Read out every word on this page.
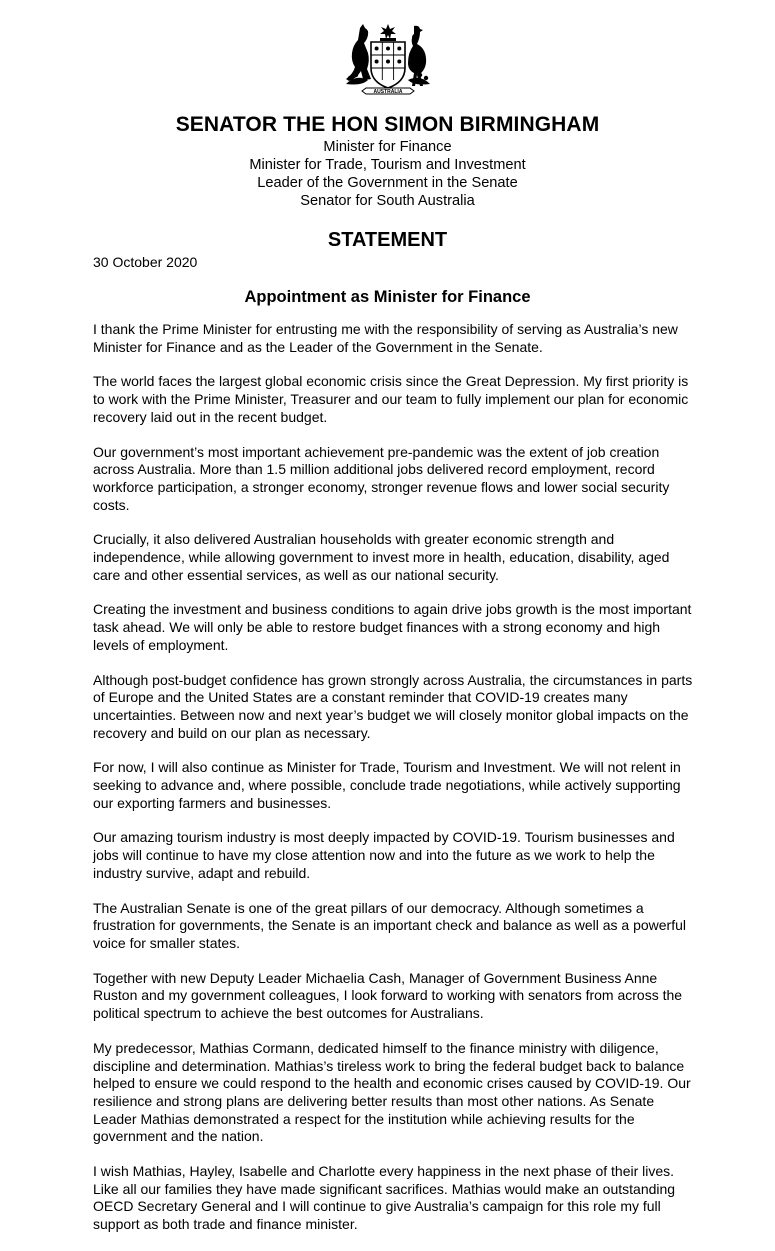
AUSTRALIA
SENATOR THE HON SIMON BIRMINGHAM
Minister for Finance
Minister for Trade, Tourism and Investment
Leader of the Government in the Senate
Senator for South Australia
STATEMENT
30 October 2020
Appointment as Minister for Finance

I thank the Prime Minister for entrusting me with the responsibility of serving as Australia’s new Minister for Finance and as the Leader of the Government in the Senate.

The world faces the largest global economic crisis since the Great Depression. My first priority is to work with the Prime Minister, Treasurer and our team to fully implement our plan for economic recovery laid out in the recent budget.

Our government’s most important achievement pre-pandemic was the extent of job creation across Australia. More than 1.5 million additional jobs delivered record employment, record workforce participation, a stronger economy, stronger revenue flows and lower social security costs.

Crucially, it also delivered Australian households with greater economic strength and independence, while allowing government to invest more in health, education, disability, aged care and other essential services, as well as our national security.

Creating the investment and business conditions to again drive jobs growth is the most important task ahead. We will only be able to restore budget finances with a strong economy and high levels of employment.

Although post-budget confidence has grown strongly across Australia, the circumstances in parts of Europe and the United States are a constant reminder that COVID-19 creates many uncertainties. Between now and next year’s budget we will closely monitor global impacts on the recovery and build on our plan as necessary.

For now, I will also continue as Minister for Trade, Tourism and Investment. We will not relent in seeking to advance and, where possible, conclude trade negotiations, while actively supporting our exporting farmers and businesses.

Our amazing tourism industry is most deeply impacted by COVID-19. Tourism businesses and jobs will continue to have my close attention now and into the future as we work to help the industry survive, adapt and rebuild.

The Australian Senate is one of the great pillars of our democracy. Although sometimes a frustration for governments, the Senate is an important check and balance as well as a powerful voice for smaller states.

Together with new Deputy Leader Michaelia Cash, Manager of Government Business Anne Ruston and my government colleagues, I look forward to working with senators from across the political spectrum to achieve the best outcomes for Australians.

My predecessor, Mathias Cormann, dedicated himself to the finance ministry with diligence, discipline and determination. Mathias’s tireless work to bring the federal budget back to balance helped to ensure we could respond to the health and economic crises caused by COVID-19. Our resilience and strong plans are delivering better results than most other nations. As Senate Leader Mathias demonstrated a respect for the institution while achieving results for the government and the nation.

I wish Mathias, Hayley, Isabelle and Charlotte every happiness in the next phase of their lives. Like all our families they have made significant sacrifices. Mathias would make an outstanding OECD Secretary General and I will continue to give Australia’s campaign for this role my full support as both trade and finance minister.
